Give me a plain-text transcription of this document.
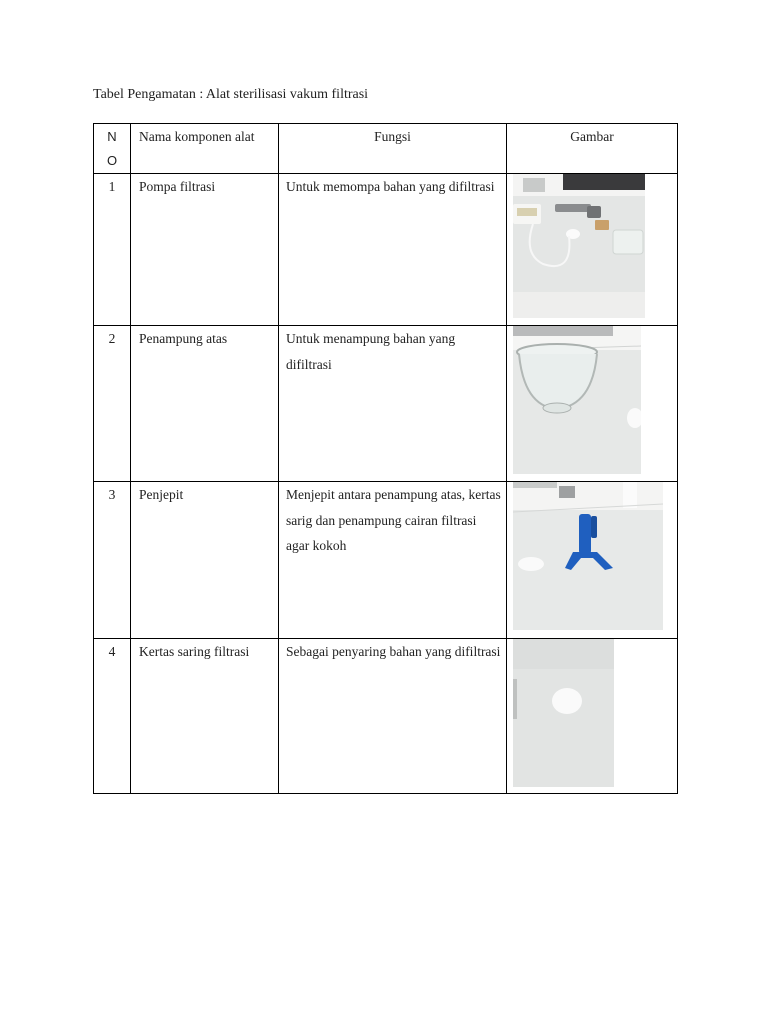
Tabel Pengamatan : Alat sterilisasi vakum filtrasi
N
O	Nama komponen alat	Fungsi	Gambar

1	Pompa filtrasi	Untuk memompa bahan yang difiltrasi

2	Penampung atas	Untuk menampung bahan yang difiltrasi

3	Penjepit	Menjepit antara penampung atas, kertas sarig dan penampung cairan filtrasi agar kokoh

4	Kertas saring filtrasi	Sebagai penyaring bahan yang difiltrasi
